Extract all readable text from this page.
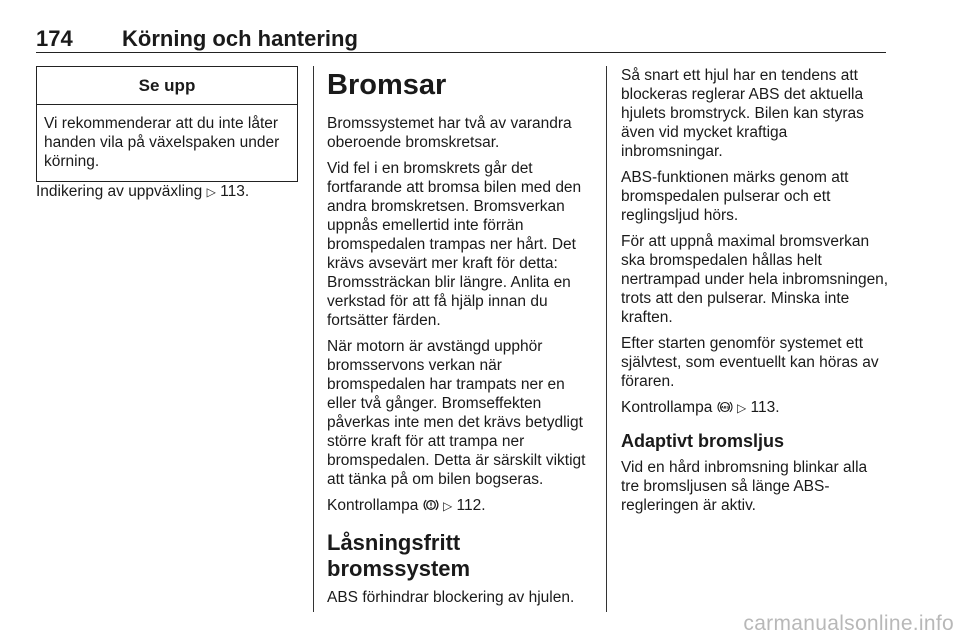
174 Körning och hantering
Se upp
Vi rekommenderar att du inte låter handen vila på växelspaken under körning.

Indikering av uppväxling ▷ 113.

Bromsar

Bromssystemet har två av varandra oberoende bromskretsar.

Vid fel i en bromskrets går det fortfarande att bromsa bilen med den andra bromskretsen. Bromsverkan uppnås emellertid inte förrän bromspedalen trampas ner hårt. Det krävs avsevärt mer kraft för detta: Bromssträckan blir längre. Anlita en verkstad för att få hjälp innan du fortsätter färden.

När motorn är avstängd upphör bromsservons verkan när bromspedalen har trampats ner en eller två gånger. Bromseffekten påverkas inte men det krävs betydligt större kraft för att trampa ner bromspedalen. Detta är särskilt viktigt att tänka på om bilen bogseras.

Kontrollampa ▷ 112.

Låsningsfritt bromssystem

ABS förhindrar blockering av hjulen.

Så snart ett hjul har en tendens att blockeras reglerar ABS det aktuella hjulets bromstryck. Bilen kan styras även vid mycket kraftiga inbromsningar.

ABS-funktionen märks genom att bromspedalen pulserar och ett reglingsljud hörs.

För att uppnå maximal bromsverkan ska bromspedalen hållas helt nertrampad under hela inbromsningen, trots att den pulserar. Minska inte kraften.

Efter starten genomför systemet ett självtest, som eventuellt kan höras av föraren.

Kontrollampa ABS ▷ 113.

Adaptivt bromsljus

Vid en hård inbromsning blinkar alla tre bromsljusen så länge ABS-regleringen är aktiv.

carmanualsonline.info
